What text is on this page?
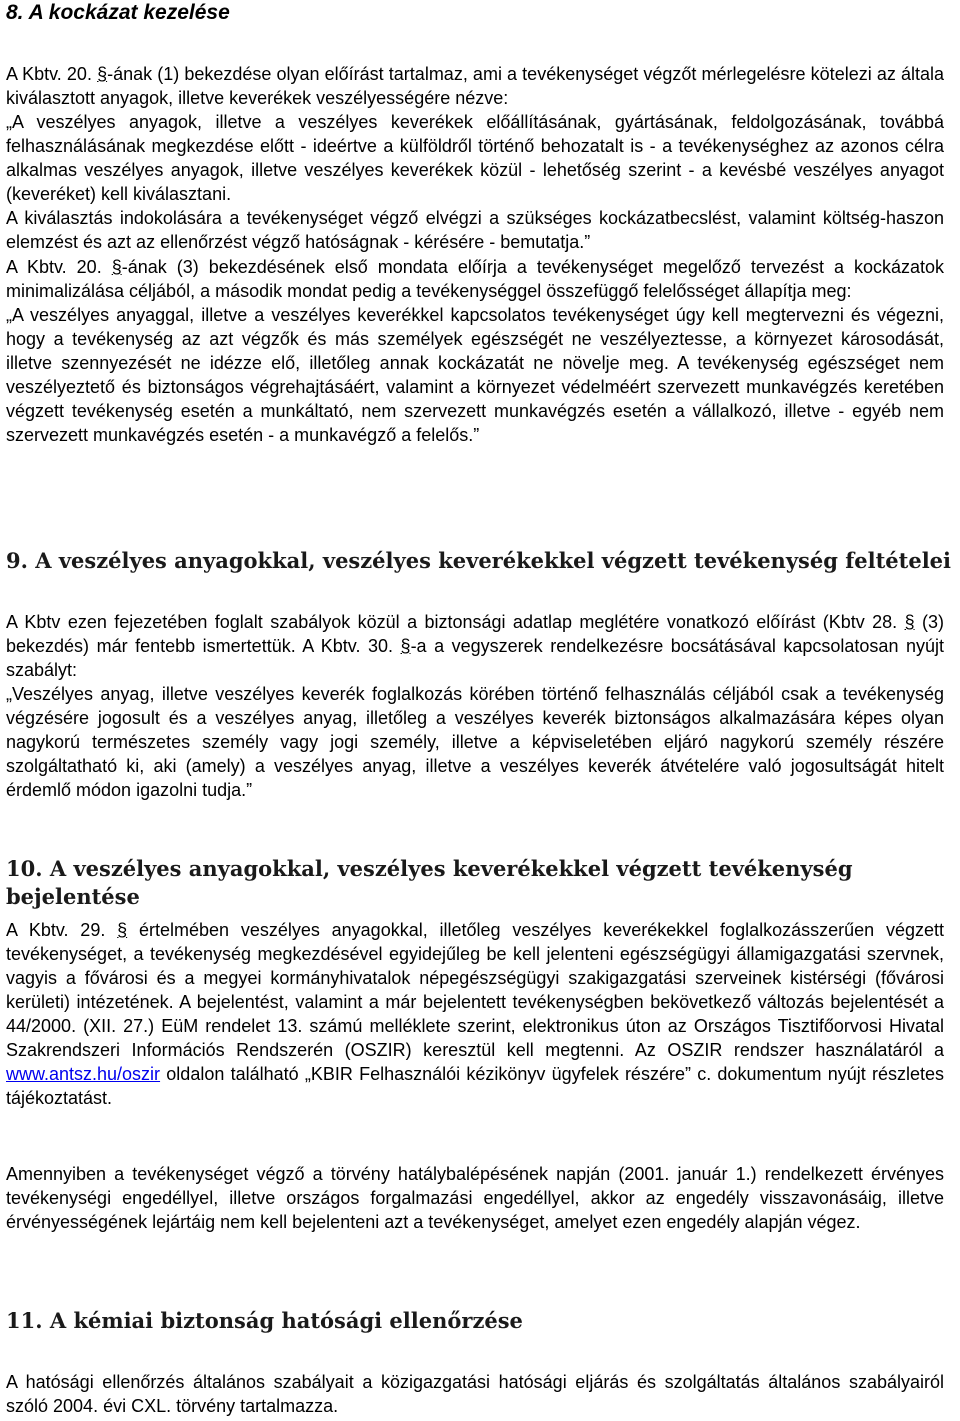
8. A kockázat kezelése

A Kbtv. 20. §-ának (1) bekezdése olyan előírást tartalmaz, ami a tevékenységet végzőt mérlegelésre kötelezi az általa kiválasztott anyagok, illetve keverékek veszélyességére nézve:
„A veszélyes anyagok, illetve a veszélyes keverékek előállításának, gyártásának, feldolgozásának, továbbá felhasználásának megkezdése előtt - ideértve a külföldről történő behozatalt is - a tevékenységhez az azonos célra alkalmas veszélyes anyagok, illetve veszélyes keverékek közül - lehetőség szerint - a kevésbé veszélyes anyagot (keveréket) kell kiválasztani.

A kiválasztás indokolására a tevékenységet végző elvégzi a szükséges kockázatbecslést, valamint költség-haszon elemzést és azt az ellenőrzést végző hatóságnak - kérésére - bemutatja.”

A Kbtv. 20. §-ának (3) bekezdésének első mondata előírja a tevékenységet megelőző tervezést a kockázatok minimalizálása céljából, a második mondat pedig a tevékenységgel összefüggő felelősséget állapítja meg:
„A veszélyes anyaggal, illetve a veszélyes keverékkel kapcsolatos tevékenységet úgy kell megtervezni és végezni, hogy a tevékenység az azt végzők és más személyek egészségét ne veszélyeztesse, a környezet károsodását, illetve szennyezését ne idézze elő, illetőleg annak kockázatát ne növelje meg. A tevékenység egészséget nem veszélyeztető és biztonságos végrehajtásáért, valamint a környezet védelméért szervezett munkavégzés keretében végzett tevékenység esetén a munkáltató, nem szervezett munkavégzés esetén a vállalkozó, illetve - egyéb nem szervezett munkavégzés esetén - a munkavégző a felelős.”

9. A veszélyes anyagokkal, veszélyes keverékekkel végzett tevékenység feltételei

A Kbtv ezen fejezetében foglalt szabályok közül a biztonsági adatlap meglétére vonatkozó előírást (Kbtv 28. § (3) bekezdés) már fentebb ismertettük. A Kbtv. 30. §-a a vegyszerek rendelkezésre bocsátásával kapcsolatosan nyújt szabályt:
„Veszélyes anyag, illetve veszélyes keverék foglalkozás körében történő felhasználás céljából csak a tevékenység végzésére jogosult és a veszélyes anyag, illetőleg a veszélyes keverék biztonságos alkalmazására képes olyan nagykorú természetes személy vagy jogi személy, illetve a képviseletében eljáró nagykorú személy részére szolgáltatható ki, aki (amely) a veszélyes anyag, illetve a veszélyes keverék átvételére való jogosultságát hitelt érdemlő módon igazolni tudja.”

10. A veszélyes anyagokkal, veszélyes keverékekkel végzett tevékenység bejelentése

A Kbtv. 29. § értelmében veszélyes anyagokkal, illetőleg veszélyes keverékekkel foglalkozásszerűen végzett tevékenységet, a tevékenység megkezdésével egyidejűleg be kell jelenteni egészségügyi államigazgatási szervnek, vagyis a fővárosi és a megyei kormányhivatalok népegészségügyi szakigazgatási szerveinek kistérségi (fővárosi kerületi) intézetének. A bejelentést, valamint a már bejelentett tevékenységben bekövetkező változás bejelentését a 44/2000. (XII. 27.) EüM rendelet 13. számú melléklete szerint, elektronikus úton az Országos Tisztifőorvosi Hivatal Szakrendszeri Információs Rendszerén (OSZIR) keresztül kell megtenni. Az OSZIR rendszer használatáról a www.antsz.hu/oszir oldalon található „KBIR Felhasználói kézikönyv ügyfelek részére” c. dokumentum nyújt részletes tájékoztatást.

Amennyiben a tevékenységet végző a törvény hatálybalépésének napján (2001. január 1.) rendelkezett érvényes tevékenységi engedéllyel, illetve országos forgalmazási engedéllyel, akkor az engedély visszavonásáig, illetve érvényességének lejártáig nem kell bejelenteni azt a tevékenységet, amelyet ezen engedély alapján végez.

11. A kémiai biztonság hatósági ellenőrzése

A hatósági ellenőrzés általános szabályait a közigazgatási hatósági eljárás és szolgáltatás általános szabályairól szóló 2004. évi CXL. törvény tartalmazza.
